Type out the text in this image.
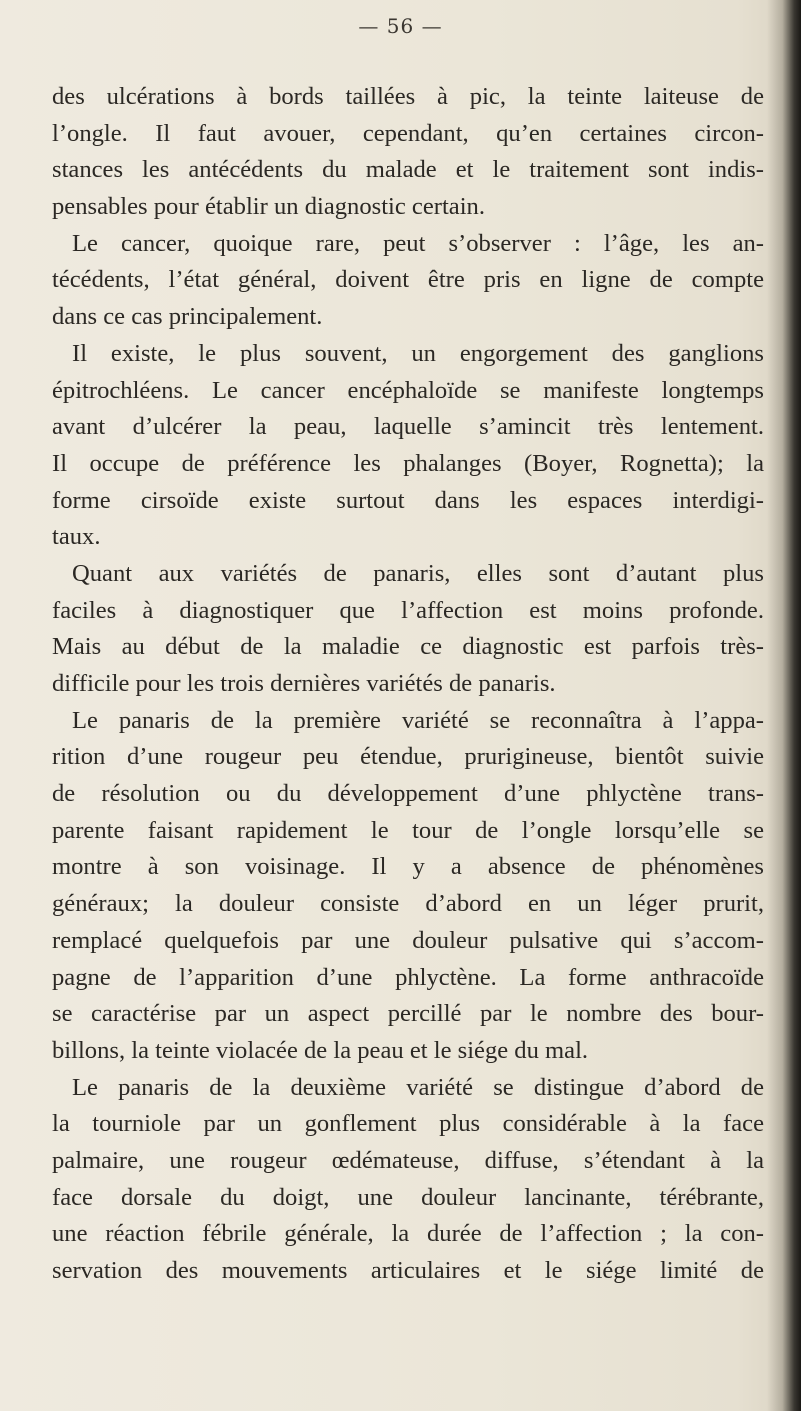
— 56 —
des ulcérations à bords taillées à pic, la teinte laiteuse de
l’ongle. Il faut avouer, cependant, qu’en certaines circon-
stances les antécédents du malade et le traitement sont indis-
pensables pour établir un diagnostic certain.
Le cancer, quoique rare, peut s’observer : l’âge, les an-
técédents, l’état général, doivent être pris en ligne de compte
dans ce cas principalement.
Il existe, le plus souvent, un engorgement des ganglions
épitrochléens. Le cancer encéphaloïde se manifeste longtemps
avant d’ulcérer la peau, laquelle s’amincit très lentement.
Il occupe de préférence les phalanges (Boyer, Rognetta); la
forme cirsoïde existe surtout dans les espaces interdigi-
taux.
Quant aux variétés de panaris, elles sont d’autant plus
faciles à diagnostiquer que l’affection est moins profonde.
Mais au début de la maladie ce diagnostic est parfois très-
difficile pour les trois dernières variétés de panaris.
Le panaris de la première variété se reconnaîtra à l’appa-
rition d’une rougeur peu étendue, prurigineuse, bientôt suivie
de résolution ou du développement d’une phlyctène trans-
parente faisant rapidement le tour de l’ongle lorsqu’elle se
montre à son voisinage. Il y a absence de phénomènes
généraux; la douleur consiste d’abord en un léger prurit,
remplacé quelquefois par une douleur pulsative qui s’accom-
pagne de l’apparition d’une phlyctène. La forme anthracoïde
se caractérise par un aspect percillé par le nombre des bour-
billons, la teinte violacée de la peau et le siége du mal.
Le panaris de la deuxième variété se distingue d’abord de
la tourniole par un gonflement plus considérable à la face
palmaire, une rougeur œdémateuse, diffuse, s’étendant à la
face dorsale du doigt, une douleur lancinante, térébrante,
une réaction fébrile générale, la durée de l’affection ; la con-
servation des mouvements articulaires et le siége limité de
